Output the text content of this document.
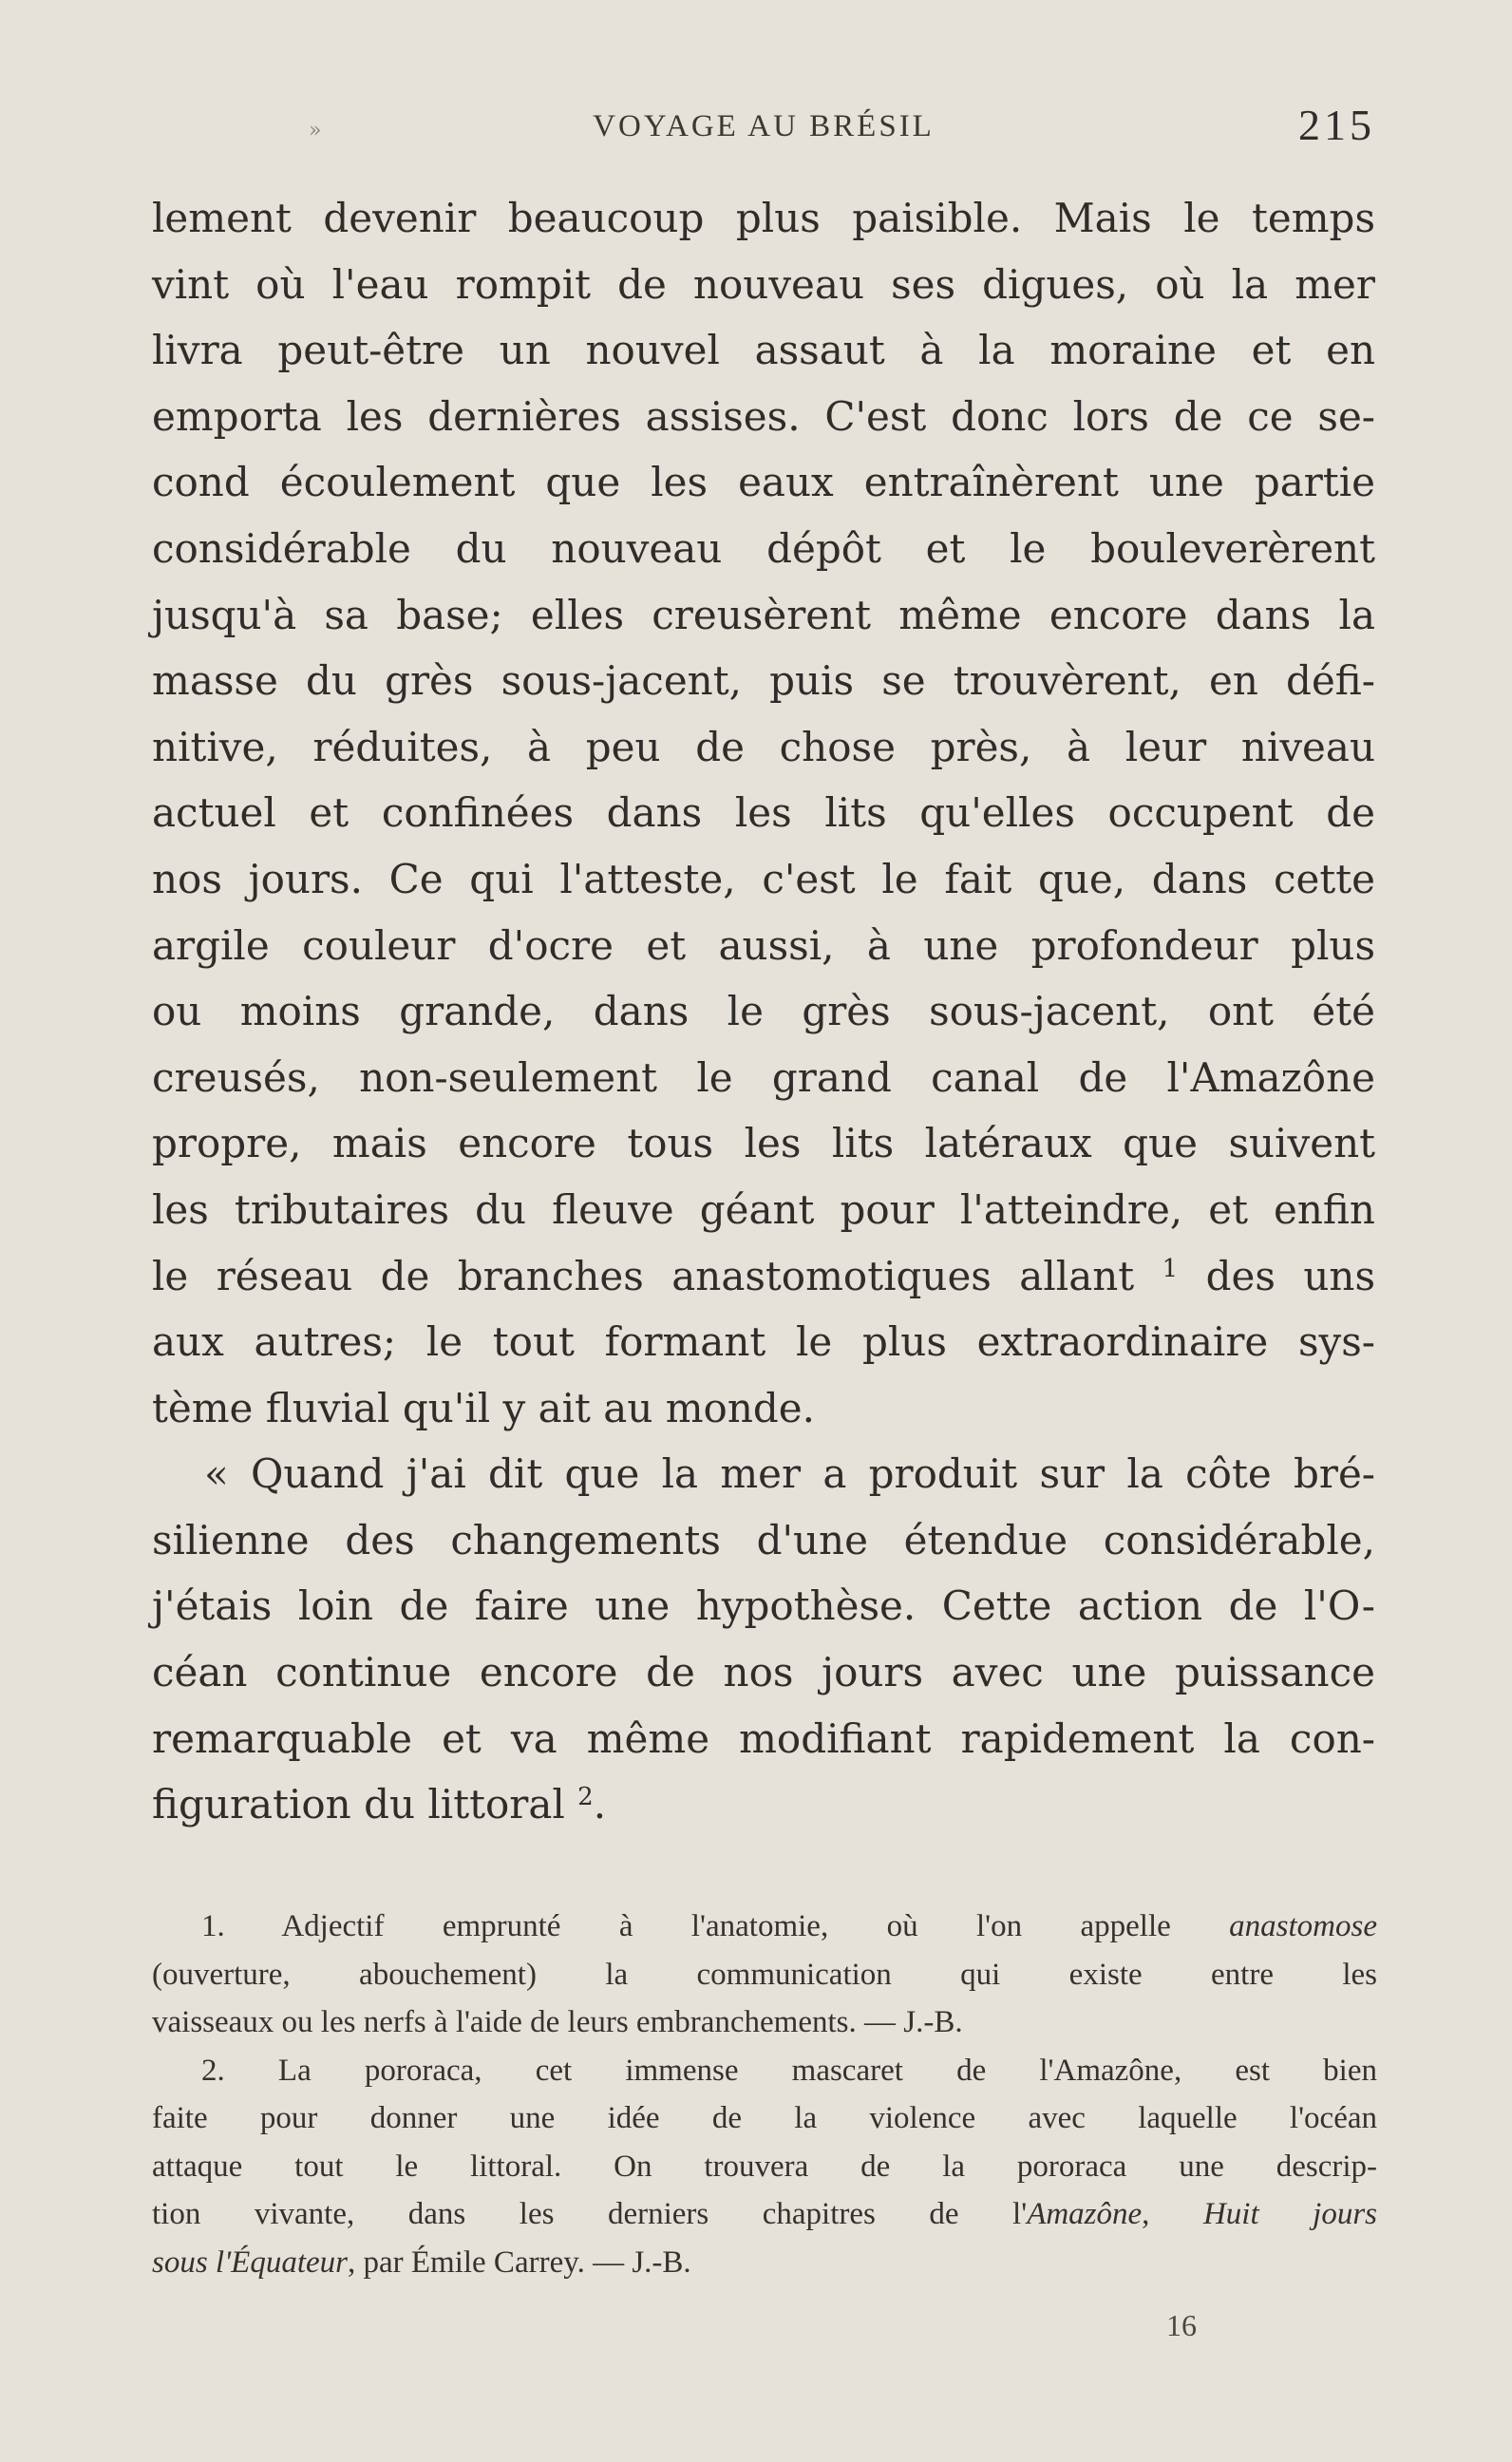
»	VOYAGE AU BRÉSIL	215
lement devenir beaucoup plus paisible. Mais le temps
vint où l'eau rompit de nouveau ses digues, où la mer
livra peut-être un nouvel assaut à la moraine et en
emporta les dernières assises. C'est donc lors de ce se-
cond écoulement que les eaux entraînèrent une partie
considérable du nouveau dépôt et le bouleverèrent
jusqu'à sa base; elles creusèrent même encore dans la
masse du grès sous-jacent, puis se trouvèrent, en défi-
nitive, réduites, à peu de chose près, à leur niveau
actuel et confinées dans les lits qu'elles occupent de
nos jours. Ce qui l'atteste, c'est le fait que, dans cette
argile couleur d'ocre et aussi, à une profondeur plus
ou moins grande, dans le grès sous-jacent, ont été
creusés, non-seulement le grand canal de l'Amazône
propre, mais encore tous les lits latéraux que suivent
les tributaires du fleuve géant pour l'atteindre, et enfin
le réseau de branches anastomotiques allant $^1$ des uns
aux autres; le tout formant le plus extraordinaire sys-
tème fluvial qu'il y ait au monde.
« Quand j'ai dit que la mer a produit sur la côte bré-
silienne des changements d'une étendue considérable,
j'étais loin de faire une hypothèse. Cette action de l'O-
céan continue encore de nos jours avec une puissance
remarquable et va même modifiant rapidement la con-
figuration du littoral $^2$.
1. Adjectif emprunté à l'anatomie, où l'on appelle anastomose
(ouverture, abouchement) la communication qui existe entre les
vaisseaux ou les nerfs à l'aide de leurs embranchements. — J.-B.
2. La pororaca, cet immense mascaret de l'Amazône, est bien
faite pour donner une idée de la violence avec laquelle l'océan
attaque tout le littoral. On trouvera de la pororaca une descrip-
tion vivante, dans les derniers chapitres de l'Amazône, Huit jours
sous l'Équateur, par Émile Carrey. — J.-B.
16
